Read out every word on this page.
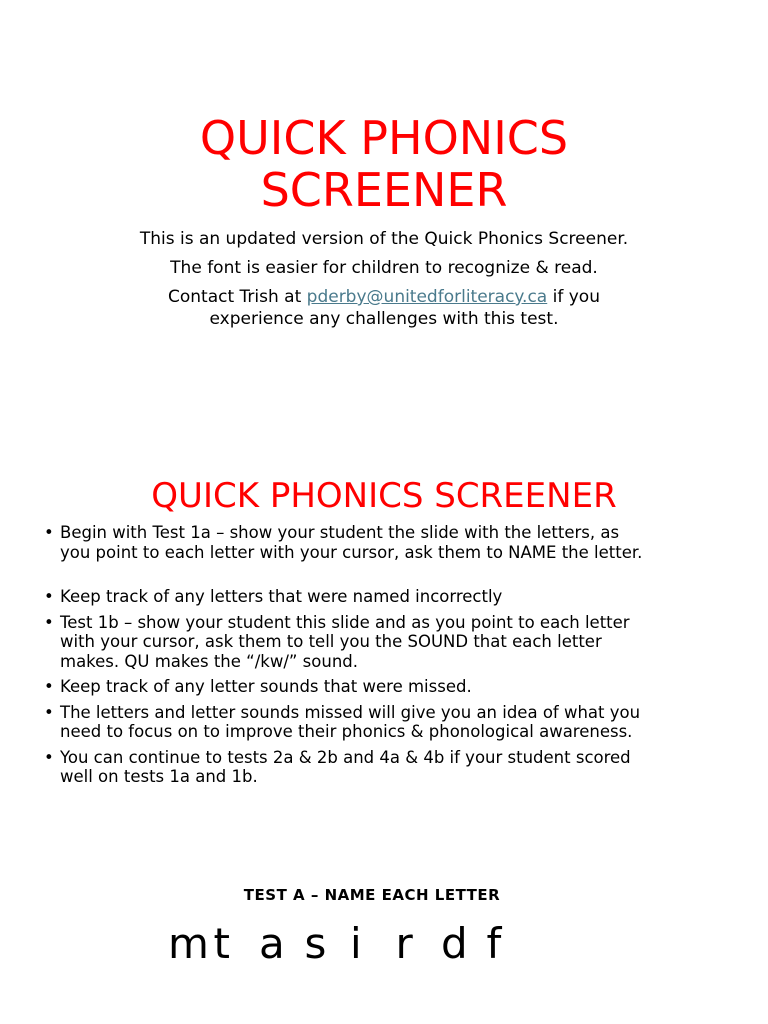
QUICK PHONICS
SCREENER
This is an updated version of the Quick Phonics Screener.
The font is easier for children to recognize & read.
Contact Trish at pderby@unitedforliteracy.ca if you
experience any challenges with this test.
QUICK PHONICS SCREENER
• Begin with Test 1a – show your student the slide with the letters, as
you point to each letter with your cursor, ask them to NAME the letter.
• Keep track of any letters that were named incorrectly
• Test 1b – show your student this slide and as you point to each letter
with your cursor, ask them to tell you the SOUND that each letter
makes. QU makes the “/kw/” sound.
• Keep track of any letter sounds that were missed.
• The letters and letter sounds missed will give you an idea of what you
need to focus on to improve their phonics & phonological awareness.
• You can continue to tests 2a & 2b and 4a & 4b if your student scored
well on tests 1a and 1b.
TEST A – NAME EACH LETTER
m t a s i r d f
